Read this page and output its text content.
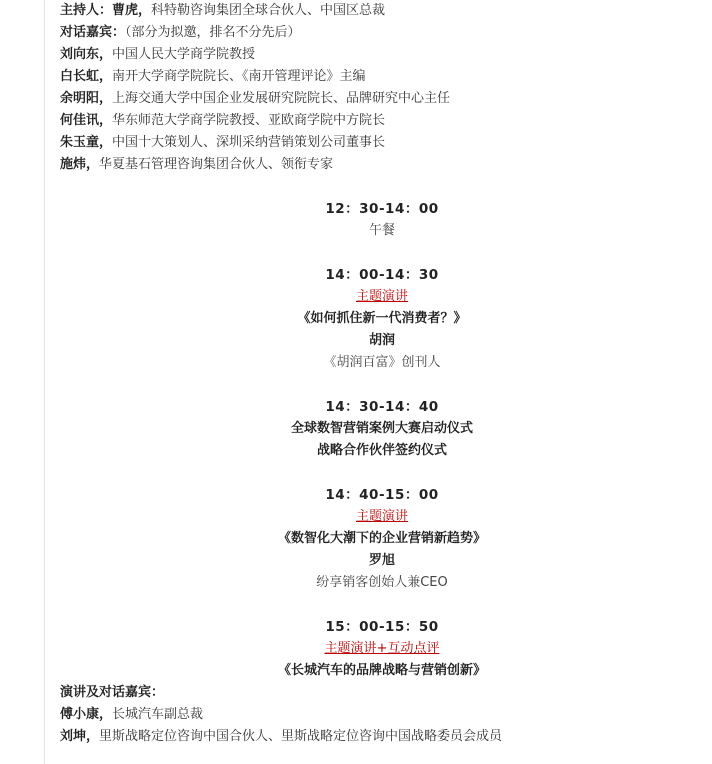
主持人：曹虎，科特勒咨询集团全球合伙人、中国区总裁
对话嘉宾：（部分为拟邀，排名不分先后）
刘向东，中国人民大学商学院教授
白长虹，南开大学商学院院长、《南开管理评论》主编
余明阳，上海交通大学中国企业发展研究院院长、品牌研究中心主任
何佳讯，华东师范大学商学院教授、亚欧商学院中方院长
朱玉童，中国十大策划人、深圳采纳营销策划公司董事长
施炜，华夏基石管理咨询集团合伙人、领衔专家
12：30-14：00
午餐
14：00-14：30
主题演讲
《如何抓住新一代消费者？》
胡润
《胡润百富》创刊人
14：30-14：40
全球数智营销案例大赛启动仪式
战略合作伙伴签约仪式
14：40-15：00
主题演讲
《数智化大潮下的企业营销新趋势》
罗旭
纷享销客创始人兼CEO
15：00-15：50
主题演讲+互动点评
《长城汽车的品牌战略与营销创新》
演讲及对话嘉宾：
傅小康，长城汽车副总裁
刘坤，里斯战略定位咨询中国合伙人、里斯战略定位咨询中国战略委员会成员
